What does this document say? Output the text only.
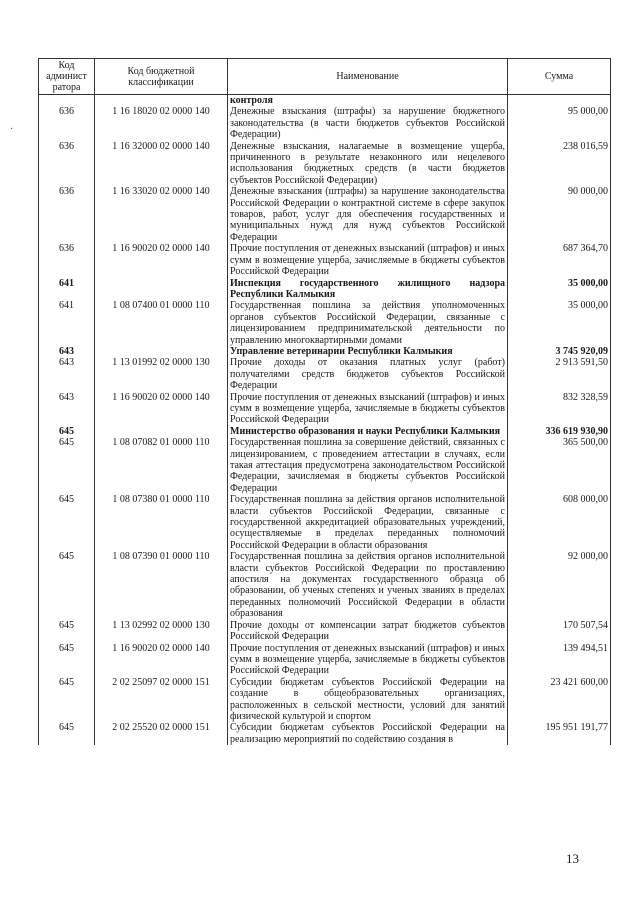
·
Код админист ратора	Код бюджетной классификации	Наименование	Сумма
		контроля	
636	1 16 18020 02 0000 140	Денежные взыскания (штрафы) за нарушение бюджетного законодательства (в части бюджетов субъектов Российской Федерации)	95 000,00
636	1 16 32000 02 0000 140	Денежные взыскания, налагаемые в возмещение ущерба, причиненного в результате незаконного или нецелевого использования бюджетных средств (в части бюджетов субъектов Российской Федерации)	238 016,59
636	1 16 33020 02 0000 140	Денежные взыскания (штрафы) за нарушение законодательства Российской Федерации о контрактной системе в сфере закупок товаров, работ, услуг для обеспечения государственных и муниципальных нужд для нужд субъектов Российской Федерации	90 000,00
636	1 16 90020 02 0000 140	Прочие поступления от денежных взысканий (штрафов) и иных сумм в возмещение ущерба, зачисляемые в бюджеты субъектов Российской Федерации	687 364,70
641		Инспекция государственного жилищного надзора Республики Калмыкия	35 000,00
641	1 08 07400 01 0000 110	Государственная пошлина за действия уполномоченных органов субъектов Российской Федерации, связанные с лицензированием предпринимательской деятельности по управлению многоквартирными домами	35 000,00
643		Управление ветеринарии Республики Калмыкия	3 745 920,09
643	1 13 01992 02 0000 130	Прочие доходы от оказания платных услуг (работ) получателями средств бюджетов субъектов Российской Федерации	2 913 591,50
643	1 16 90020 02 0000 140	Прочие поступления от денежных взысканий (штрафов) и иных сумм в возмещение ущерба, зачисляемые в бюджеты субъектов Российской Федерации	832 328,59
645		Министерство образования и науки Республики Калмыкия	336 619 930,90
645	1 08 07082 01 0000 110	Государственная пошлина за совершение действий, связанных с лицензированием, с проведением аттестации в случаях, если такая аттестация предусмотрена законодательством Российской Федерации, зачисляемая в бюджеты субъектов Российской Федерации	365 500,00
645	1 08 07380 01 0000 110	Государственная пошлина за действия органов исполнительной власти субъектов Российской Федерации, связанные с государственной аккредитацией образовательных учреждений, осуществляемые в пределах переданных полномочий Российской Федерации в области образования	608 000,00
645	1 08 07390 01 0000 110	Государственная пошлина за действия органов исполнительной власти субъектов Российской Федерации по проставлению апостиля на документах государственного образца об образовании, об ученых степенях и ученых званиях в пределах переданных полномочий Российской Федерации в области образования	92 000,00
645	1 13 02992 02 0000 130	Прочие доходы от компенсации затрат бюджетов субъектов Российской Федерации	170 507,54
645	1 16 90020 02 0000 140	Прочие поступления от денежных взысканий (штрафов) и иных сумм в возмещение ущерба, зачисляемые в бюджеты субъектов Российской Федерации	139 494,51
645	2 02 25097 02 0000 151	Субсидии бюджетам субъектов Российской Федерации на создание в общеобразовательных организациях, расположенных в сельской местности, условий для занятий физической культурой и спортом	23 421 600,00
645	2 02 25520 02 0000 151	Субсидии бюджетам субъектов Российской Федерации на реализацию мероприятий по содействию создания в	195 951 191,77
13
